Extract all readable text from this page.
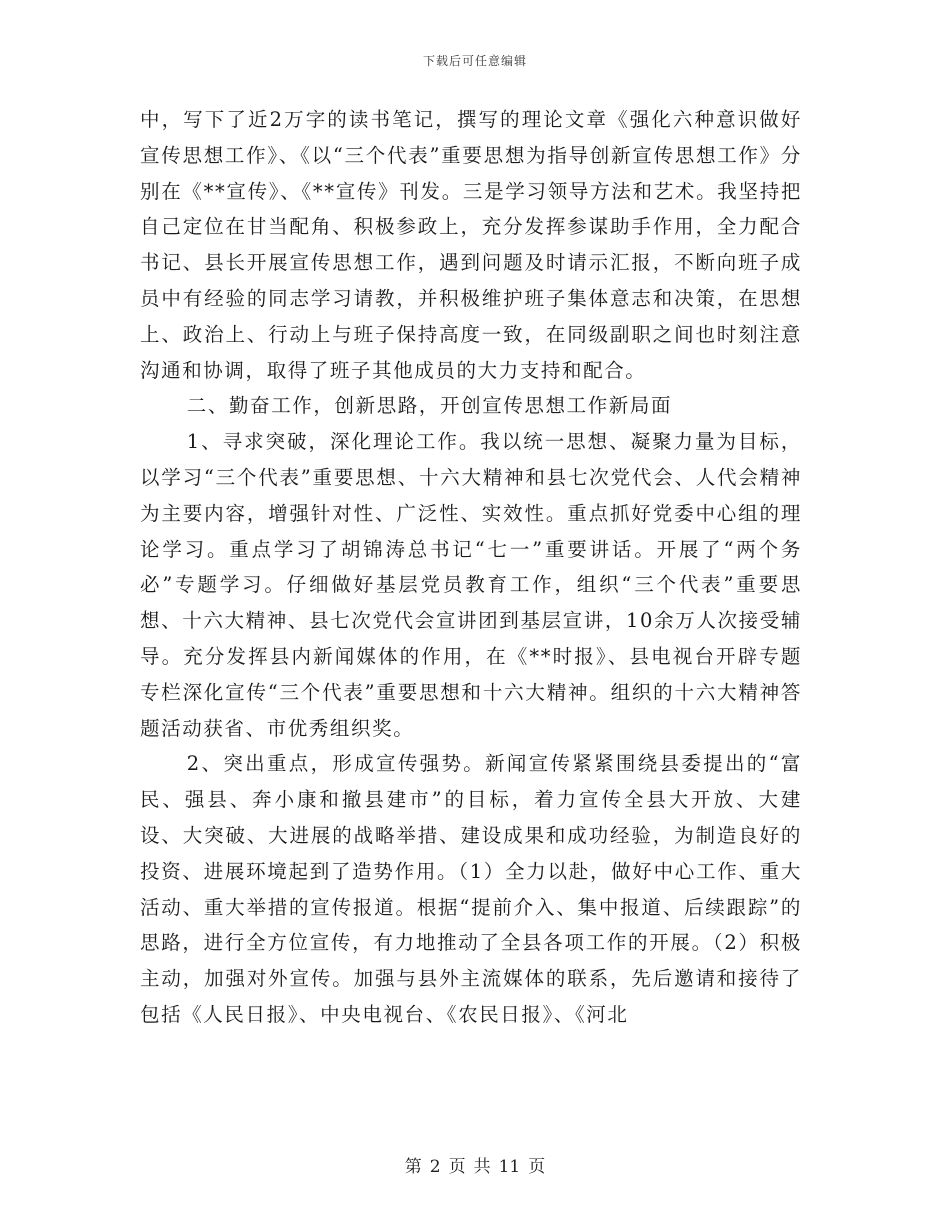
下载后可任意编辑

中，写下了近2万字的读书笔记，撰写的理论文章《强化六种意识做好宣传思想工作》、《以“三个代表”重要思想为指导创新宣传思想工作》分别在《**宣传》、《**宣传》刊发。三是学习领导方法和艺术。我坚持把自己定位在甘当配角、积极参政上，充分发挥参谋助手作用，全力配合书记、县长开展宣传思想工作，遇到问题及时请示汇报，不断向班子成员中有经验的同志学习请教，并积极维护班子集体意志和决策，在思想上、政治上、行动上与班子保持高度一致，在同级副职之间也时刻注意沟通和协调，取得了班子其他成员的大力支持和配合。

二、勤奋工作，创新思路，开创宣传思想工作新局面

1、寻求突破，深化理论工作。我以统一思想、凝聚力量为目标，以学习“三个代表”重要思想、十六大精神和县七次党代会、人代会精神为主要内容，增强针对性、广泛性、实效性。重点抓好党委中心组的理论学习。重点学习了胡锦涛总书记“七一”重要讲话。开展了“两个务必”专题学习。仔细做好基层党员教育工作，组织“三个代表”重要思想、十六大精神、县七次党代会宣讲团到基层宣讲，10余万人次接受辅导。充分发挥县内新闻媒体的作用，在《**时报》、县电视台开辟专题专栏深化宣传“三个代表”重要思想和十六大精神。组织的十六大精神答题活动获省、市优秀组织奖。

2、突出重点，形成宣传强势。新闻宣传紧紧围绕县委提出的“富民、强县、奔小康和撤县建市”的目标，着力宣传全县大开放、大建设、大突破、大进展的战略举措、建设成果和成功经验，为制造良好的投资、进展环境起到了造势作用。（1）全力以赴，做好中心工作、重大活动、重大举措的宣传报道。根据“提前介入、集中报道、后续跟踪”的思路，进行全方位宣传，有力地推动了全县各项工作的开展。（2）积极主动，加强对外宣传。加强与县外主流媒体的联系，先后邀请和接待了包括《人民日报》、中央电视台、《农民日报》、《河北

第 2 页 共 11 页
